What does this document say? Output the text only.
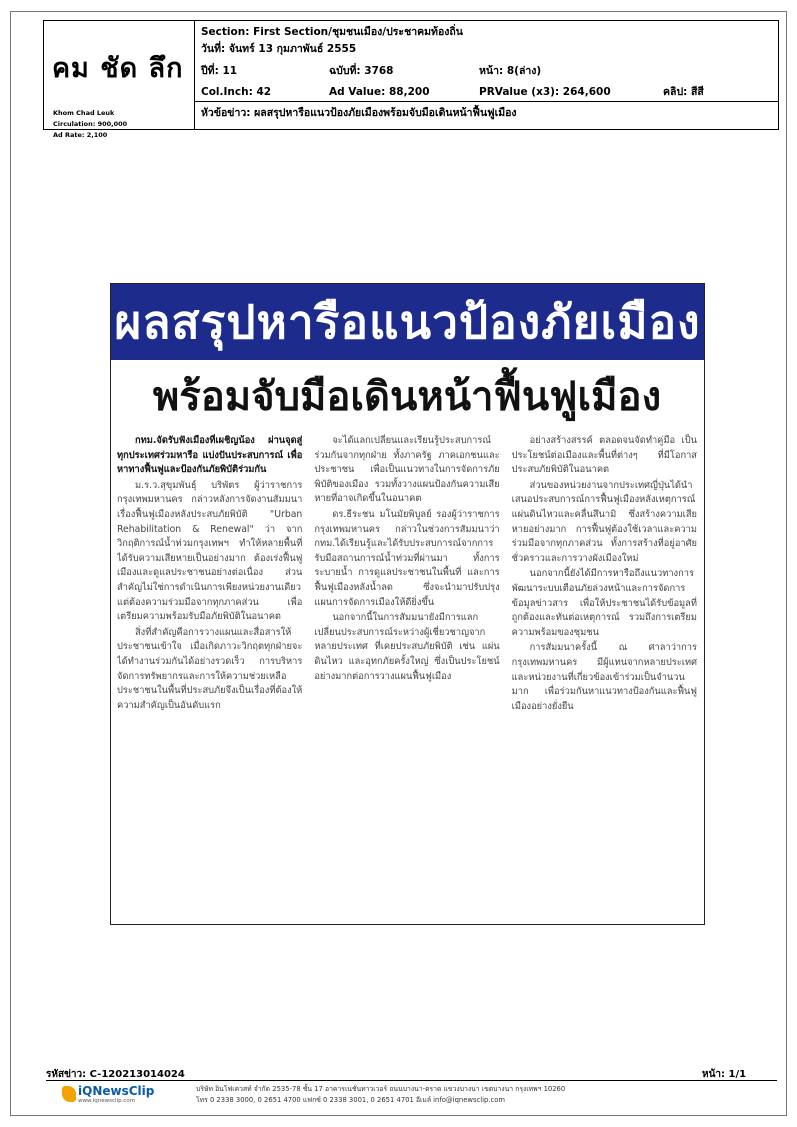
คม ชัด ลึก
Khom Chad Leuk
Circulation: 900,000
Ad Rate: 2,100
Section: First Section/ชุมชนเมือง/ประชาคมท้องถิ่น
วันที่: จันทร์ 13 กุมภาพันธ์ 2555
ปีที่: 11	ฉบับที่: 3768	หน้า: 8(ล่าง)
Col.Inch: 42	Ad Value: 88,200	PRValue (x3): 264,600	คลิป: สีสี
หัวข้อข่าว: ผลสรุปหารือแนวป้องภัยเมืองพร้อมจับมือเดินหน้าฟื้นฟูเมือง
ผลสรุปหารือแนวป้องภัยเมือง
พร้อมจับมือเดินหน้าฟื้นฟูเมือง

กทม.จัดรับฟังเมืองที่เผชิญน้อง ผ่านจุดสู่ ทุกประเทศร่วมหารือ แบ่งปันประสบการณ์ เพื่อหาทางฟื้นฟูและป้องกันภัยพิบัติร่วมกัน

ม.ร.ว.สุขุมพันธุ์ บริพัตร ผู้ว่าราชการกรุงเทพมหานคร กล่าวหลังการจัดงานสัมมนาเรื่องฟื้นฟูเมืองหลังประสบภัยพิบัติ "Urban Rehabilitation & Renewal" ว่า จากวิกฤติการณ์น้ำท่วมกรุงเทพฯ ทำให้หลายพื้นที่ได้รับความเสียหายเป็นอย่างมาก ต้องเร่งฟื้นฟูเมืองและดูแลประชาชนอย่างต่อเนื่อง ส่วนสำคัญไม่ใช่การดำเนินการเพียงหน่วยงานเดียว แต่ต้องความร่วมมือจากทุกภาคส่วน เพื่อเตรียมความพร้อมรับมือภัยพิบัติในอนาคต

สิ่งที่สำคัญคือการวางแผนและสื่อสารให้ประชาชนเข้าใจ เมื่อเกิดภาวะวิกฤตทุกฝ่ายจะได้ทำงานร่วมกันได้อย่างรวดเร็ว การบริหารจัดการทรัพยากรและการให้ความช่วยเหลือประชาชนในพื้นที่ประสบภัยจึงเป็นเรื่องที่ต้องให้ความสำคัญเป็นอันดับแรก

จะได้แลกเปลี่ยนและเรียนรู้ประสบการณ์ร่วมกันจากทุกฝ่าย ทั้งภาครัฐ ภาคเอกชนและประชาชน เพื่อเป็นแนวทางในการจัดการภัยพิบัติของเมือง รวมทั้งวางแผนป้องกันความเสียหายที่อาจเกิดขึ้นในอนาคต

ดร.ธีระชน มโนมัยพิบูลย์ รองผู้ว่าราชการกรุงเทพมหานคร กล่าวในช่วงการสัมมนาว่า กทม.ได้เรียนรู้และได้รับประสบการณ์จากการรับมือสถานการณ์น้ำท่วมที่ผ่านมา ทั้งการระบายน้ำ การดูแลประชาชนในพื้นที่ และการฟื้นฟูเมืองหลังน้ำลด ซึ่งจะนำมาปรับปรุงแผนการจัดการเมืองให้ดียิ่งขึ้น

นอกจากนี้ในการสัมมนายังมีการแลกเปลี่ยนประสบการณ์ระหว่างผู้เชี่ยวชาญจากหลายประเทศ ที่เคยประสบภัยพิบัติ เช่น แผ่นดินไหว และอุทกภัยครั้งใหญ่ ซึ่งเป็นประโยชน์อย่างมากต่อการวางแผนฟื้นฟูเมือง

อย่างสร้างสรรค์ ตลอดจนจัดทำคู่มือ เป็นประโยชน์ต่อเมืองและพื้นที่ต่างๆ ที่มีโอกาสประสบภัยพิบัติในอนาคต

ส่วนของหน่วยงานจากประเทศญี่ปุ่นได้นำเสนอประสบการณ์การฟื้นฟูเมืองหลังเหตุการณ์แผ่นดินไหวและคลื่นสึนามิ ซึ่งสร้างความเสียหายอย่างมาก การฟื้นฟูต้องใช้เวลาและความร่วมมือจากทุกภาคส่วน ทั้งการสร้างที่อยู่อาศัยชั่วคราวและการวางผังเมืองใหม่

นอกจากนี้ยังได้มีการหารือถึงแนวทางการพัฒนาระบบเตือนภัยล่วงหน้าและการจัดการข้อมูลข่าวสาร เพื่อให้ประชาชนได้รับข้อมูลที่ถูกต้องและทันต่อเหตุการณ์ รวมถึงการเตรียมความพร้อมของชุมชน

การสัมมนาครั้งนี้ ณ ศาลาว่าการกรุงเทพมหานคร มีผู้แทนจากหลายประเทศ และหน่วยงานที่เกี่ยวข้องเข้าร่วมเป็นจำนวนมาก เพื่อร่วมกันหาแนวทางป้องกันและฟื้นฟูเมืองอย่างยั่งยืน

รหัสข่าว: C-120213014024	หน้า: 1/1
iQNewsClip
www.iqnewsclip.com
บริษัท อินโฟเควสท์ จำกัด 2535-78 ชั้น 17 อาคารเนชั่นทาวเวอร์ ถนนบางนา-ตราด แขวงบางนา เขตบางนา กรุงเทพฯ 10260
โทร 0 2338 3000, 0 2651 4700 แฟกซ์ 0 2338 3001, 0 2651 4701 อีเมล์ info@iqnewsclip.com
